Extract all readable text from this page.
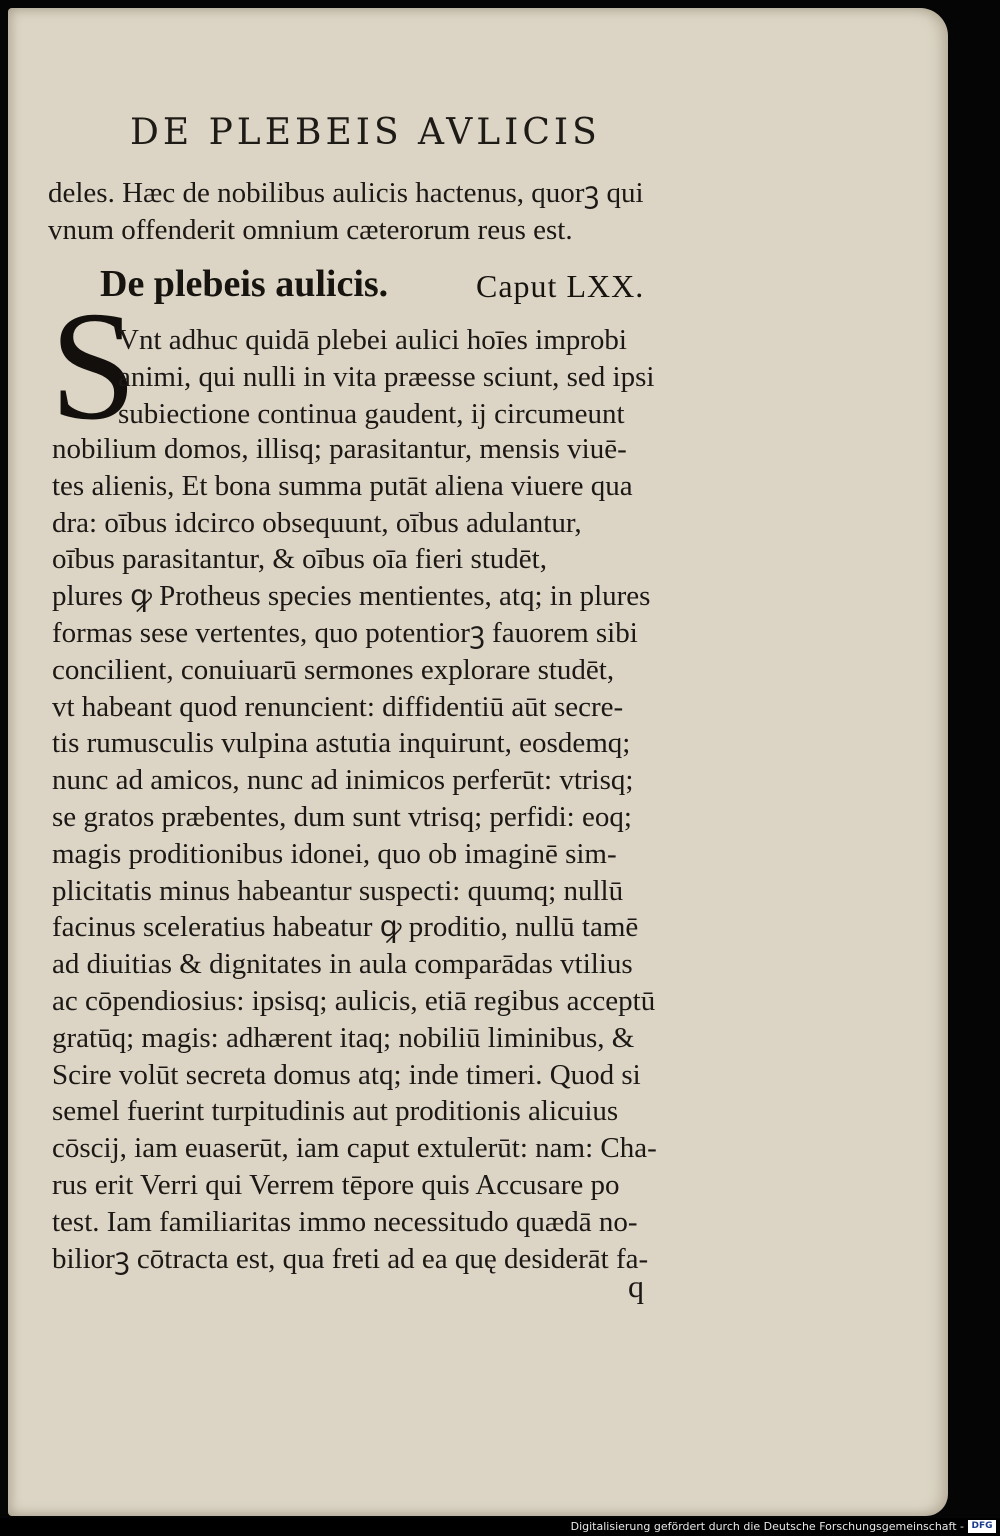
DE PLEBEIS AVLICIS
deles. Hæc de nobilibus aulicis hactenus, quorꝫ qui
vnum offenderit omnium cæterorum reus est.
De plebeis aulicis.	Caput LXX.
S
Vnt adhuc quidā plebei aulici hoīes improbi
animi, qui nulli in vita præesse sciunt, sed ipsi
subiectione continua gaudent, ij circumeunt
nobilium domos, illisq; parasitantur, mensis viuē-
tes alienis, Et bona summa putāt aliena viuere qua
dra: oībus idcirco obsequunt, oībus adulantur,
oībus parasitantur, & oībus oīa fieri studēt,
plures ꝙ Protheus species mentientes, atq; in plures
formas sese vertentes, quo potentiorꝫ fauorem sibi
concilient, conuiuarū sermones explorare studēt,
vt habeant quod renuncient: diffidentiū aūt secre-
tis rumusculis vulpina astutia inquirunt, eosdemq;
nunc ad amicos, nunc ad inimicos perferūt: vtrisq;
se gratos præbentes, dum sunt vtrisq; perfidi: eoq;
magis proditionibus idonei, quo ob imaginē sim-
plicitatis minus habeantur suspecti: quumq; nullū
facinus sceleratius habeatur ꝙ proditio, nullū tamē
ad diuitias & dignitates in aula comparādas vtilius
ac cōpendiosius: ipsisq; aulicis, etiā regibus acceptū
gratūq; magis: adhærent itaq; nobiliū liminibus, &
Scire volūt secreta domus atq; inde timeri. Quod si
semel fuerint turpitudinis aut proditionis alicuius
cōscij, iam euaserūt, iam caput extulerūt: nam: Cha-
rus erit Verri qui Verrem tēpore quis Accusare po
test. Iam familiaritas immo necessitudo quædā no-
biliorꝫ cōtracta est, qua freti ad ea quę desiderāt fa-
q
Digitalisierung gefördert durch die Deutsche Forschungsgemeinschaft - DFG
